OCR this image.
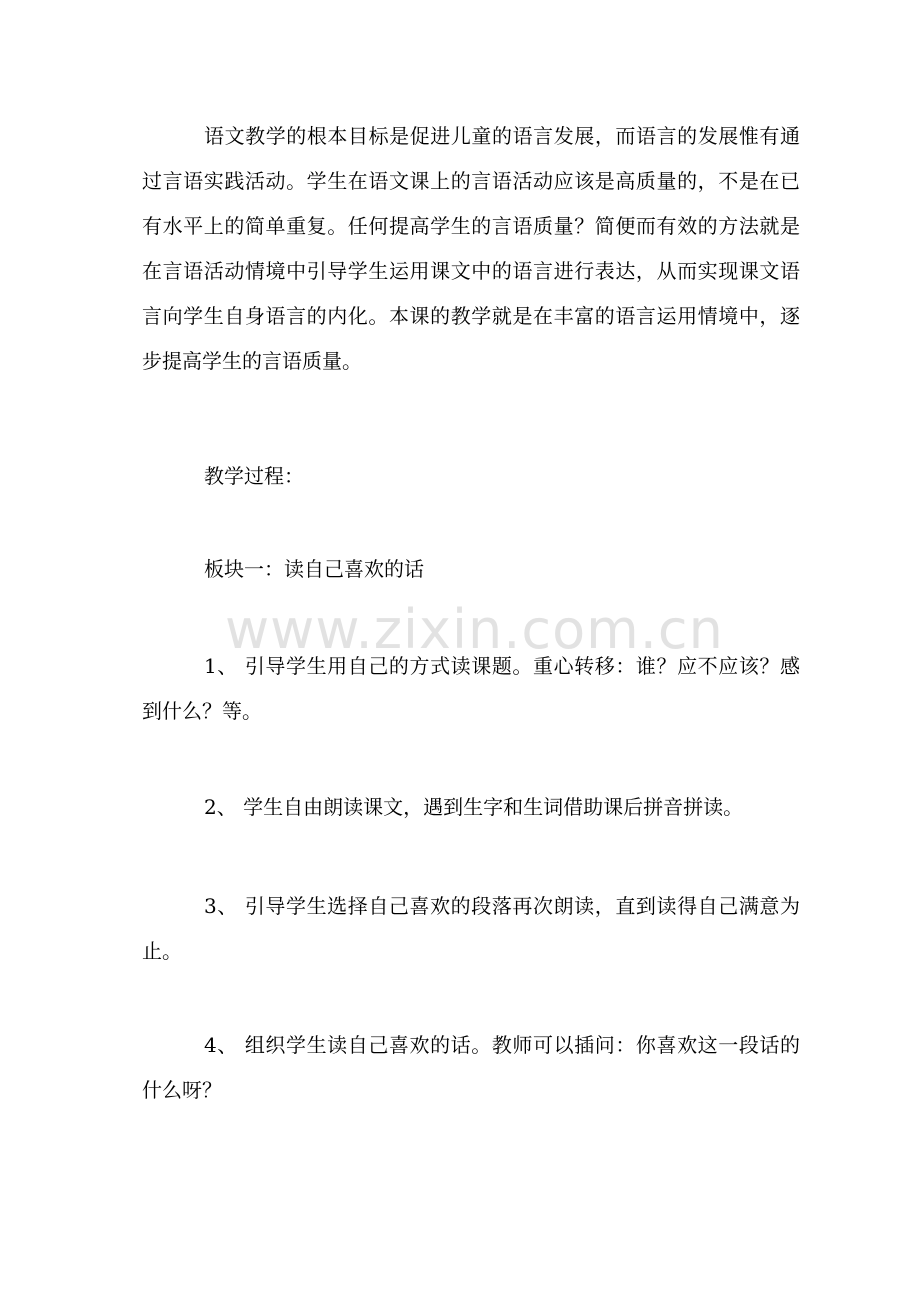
语文教学的根本目标是促进儿童的语言发展，而语言的发展惟有通过言语实践活动。学生在语文课上的言语活动应该是高质量的，不是在已有水平上的简单重复。任何提高学生的言语质量？简便而有效的方法就是在言语活动情境中引导学生运用课文中的语言进行表达，从而实现课文语言向学生自身语言的内化。本课的教学就是在丰富的语言运用情境中，逐步提高学生的言语质量。

教学过程：

板块一：读自己喜欢的话

1、 引导学生用自己的方式读课题。重心转移：谁？应不应该？感到什么？等。

2、 学生自由朗读课文，遇到生字和生词借助课后拼音拼读。

3、 引导学生选择自己喜欢的段落再次朗读，直到读得自己满意为止。

4、 组织学生读自己喜欢的话。教师可以插问：你喜欢这一段话的什么呀？

www.zixin.com.cn
